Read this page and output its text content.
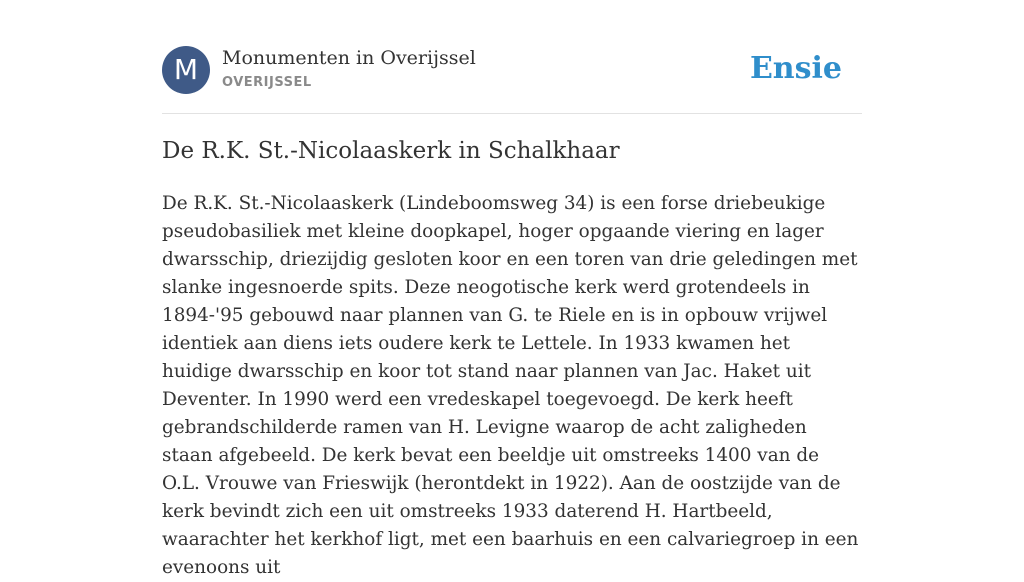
M	Monumenten in Overijssel
OVERIJSSEL	Ensie
De R.K. St.-Nicolaaskerk in Schalkhaar

De R.K. St.-Nicolaaskerk (Lindeboomsweg 34) is een forse driebeukige pseudobasiliek met kleine doopkapel, hoger opgaande viering en lager dwarsschip, driezijdig gesloten koor en een toren van drie geledingen met slanke ingesnoerde spits. Deze neogotische kerk werd grotendeels in 1894-'95 gebouwd naar plannen van G. te Riele en is in opbouw vrijwel identiek aan diens iets oudere kerk te Lettele. In 1933 kwamen het huidige dwarsschip en koor tot stand naar plannen van Jac. Haket uit Deventer. In 1990 werd een vredeskapel toegevoegd. De kerk heeft gebrandschilderde ramen van H. Levigne waarop de acht zaligheden staan afgebeeld. De kerk bevat een beeldje uit omstreeks 1400 van de O.L. Vrouwe van Frieswijk (herontdekt in 1922). Aan de oostzijde van de kerk bevindt zich een uit omstreeks 1933 daterend H. Hartbeeld, waarachter het kerkhof ligt, met een baarhuis en een calvariegroep in een evenoons uit
